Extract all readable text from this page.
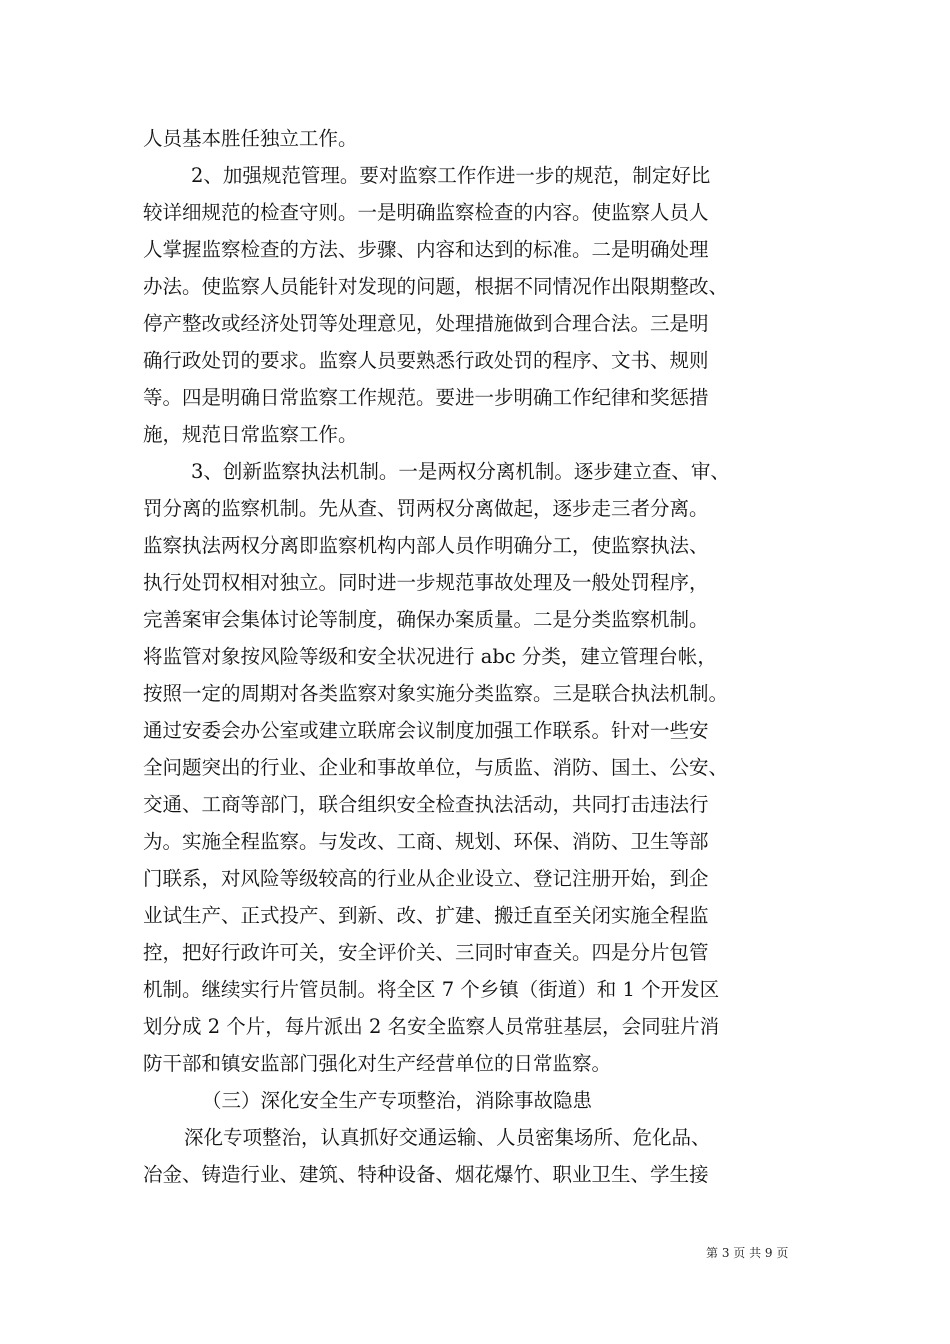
人员基本胜任独立工作。
2、加强规范管理。要对监察工作作进一步的规范，制定好比
较详细规范的检查守则。一是明确监察检查的内容。使监察人员人
人掌握监察检查的方法、步骤、内容和达到的标准。二是明确处理
办法。使监察人员能针对发现的问题，根据不同情况作出限期整改、
停产整改或经济处罚等处理意见，处理措施做到合理合法。三是明
确行政处罚的要求。监察人员要熟悉行政处罚的程序、文书、规则
等。四是明确日常监察工作规范。要进一步明确工作纪律和奖惩措
施，规范日常监察工作。
3、创新监察执法机制。一是两权分离机制。逐步建立查、审、
罚分离的监察机制。先从查、罚两权分离做起，逐步走三者分离。
监察执法两权分离即监察机构内部人员作明确分工，使监察执法、
执行处罚权相对独立。同时进一步规范事故处理及一般处罚程序，
完善案审会集体讨论等制度，确保办案质量。二是分类监察机制。
将监管对象按风险等级和安全状况进行 abc 分类，建立管理台帐，
按照一定的周期对各类监察对象实施分类监察。三是联合执法机制。
通过安委会办公室或建立联席会议制度加强工作联系。针对一些安
全问题突出的行业、企业和事故单位，与质监、消防、国土、公安、
交通、工商等部门，联合组织安全检查执法活动，共同打击违法行
为。实施全程监察。与发改、工商、规划、环保、消防、卫生等部
门联系，对风险等级较高的行业从企业设立、登记注册开始，到企
业试生产、正式投产、到新、改、扩建、搬迁直至关闭实施全程监
控，把好行政许可关，安全评价关、三同时审查关。四是分片包管
机制。继续实行片管员制。将全区 7 个乡镇（街道）和 1 个开发区
划分成 2 个片，每片派出 2 名安全监察人员常驻基层，会同驻片消
防干部和镇安监部门强化对生产经营单位的日常监察。
（三）深化安全生产专项整治，消除事故隐患
深化专项整治，认真抓好交通运输、人员密集场所、危化品、
冶金、铸造行业、建筑、特种设备、烟花爆竹、职业卫生、学生接
第 3 页 共 9 页
